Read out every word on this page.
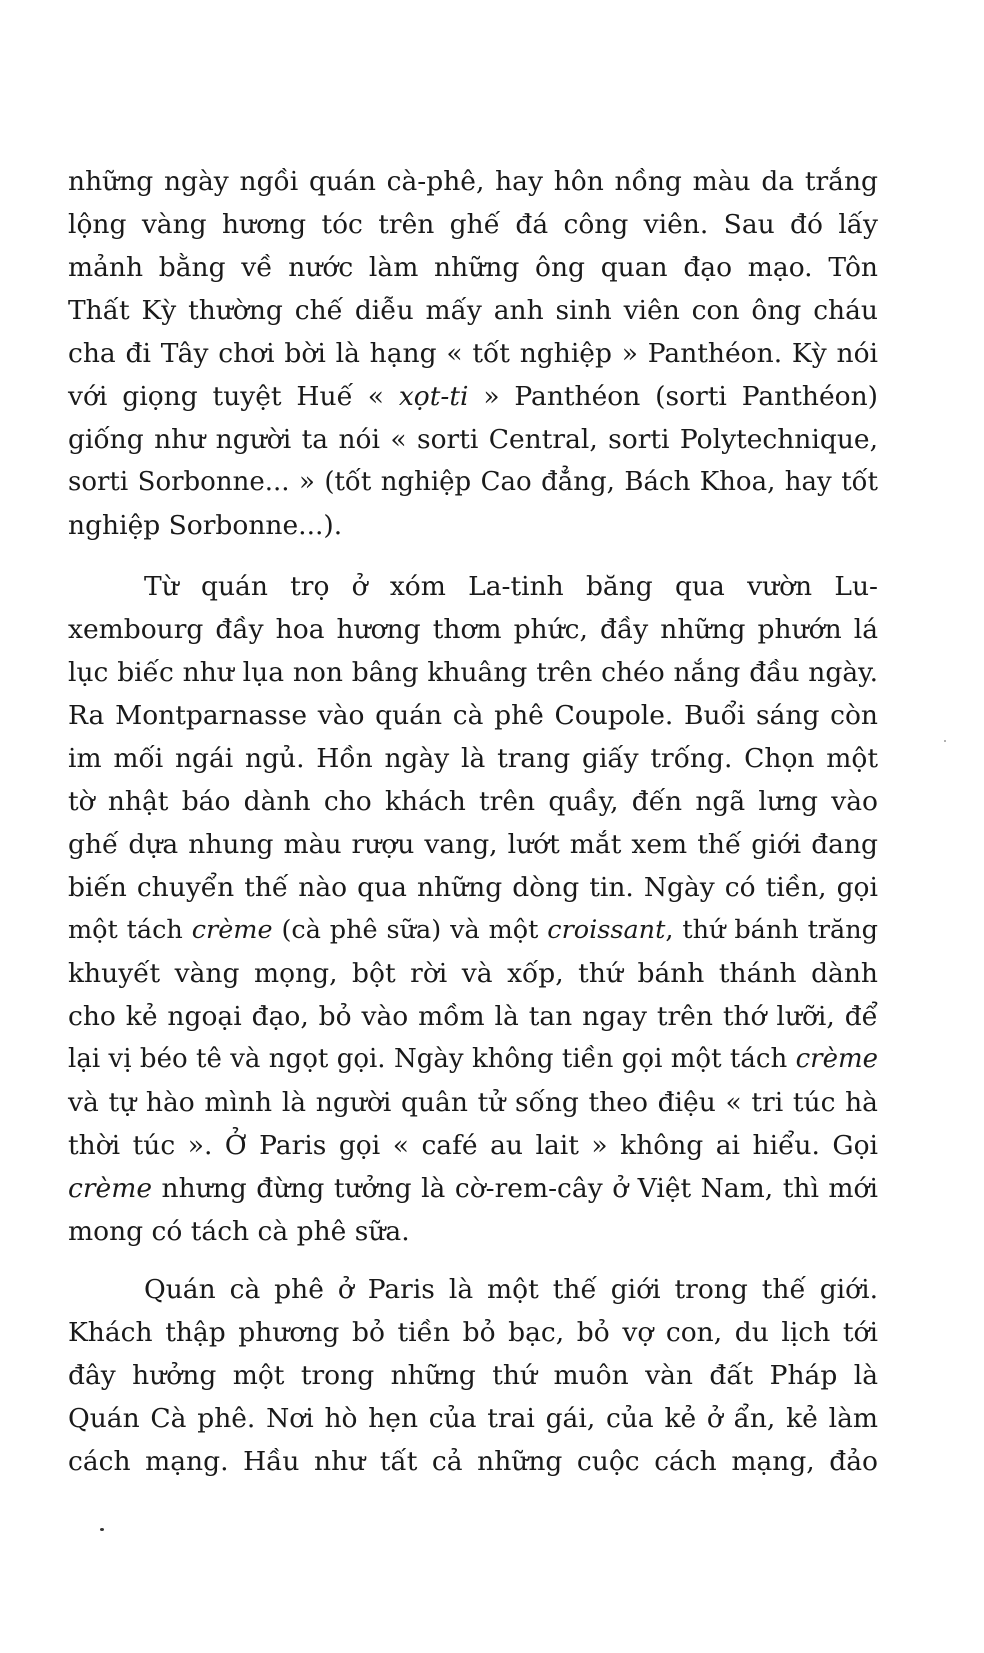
những ngày ngồi quán cà-phê, hay hôn nồng màu da trắng
lộng vàng hương tóc trên ghế đá công viên. Sau đó lấy
mảnh bằng về nước làm những ông quan đạo mạo. Tôn
Thất Kỳ thường chế diễu mấy anh sinh viên con ông cháu
cha đi Tây chơi bời là hạng « tốt nghiệp » Panthéon. Kỳ nói
với giọng tuyệt Huế « xọt-ti » Panthéon (sorti Panthéon)
giống như người ta nói « sorti Central, sorti Polytechnique,
sorti Sorbonne... » (tốt nghiệp Cao đẳng, Bách Khoa, hay tốt
nghiệp Sorbonne...).
Từ quán trọ ở xóm La-tinh băng qua vườn Lu-
xembourg đầy hoa hương thơm phức, đầy những phướn lá
lục biếc như lụa non bâng khuâng trên chéo nắng đầu ngày.
Ra Montparnasse vào quán cà phê Coupole. Buổi sáng còn
im mối ngái ngủ. Hồn ngày là trang giấy trống. Chọn một
tờ nhật báo dành cho khách trên quầy, đến ngã lưng vào
ghế dựa nhung màu rượu vang, lướt mắt xem thế giới đang
biến chuyển thế nào qua những dòng tin. Ngày có tiền, gọi
một tách crème (cà phê sữa) và một croissant, thứ bánh trăng
khuyết vàng mọng, bột rời và xốp, thứ bánh thánh dành
cho kẻ ngoại đạo, bỏ vào mồm là tan ngay trên thớ lưỡi, để
lại vị béo tê và ngọt gọi. Ngày không tiền gọi một tách crème
và tự hào mình là người quân tử sống theo điệu « tri túc hà
thời túc ». Ở Paris gọi « café au lait » không ai hiểu. Gọi
crème nhưng đừng tưởng là cờ-rem-cây ở Việt Nam, thì mới
mong có tách cà phê sữa.
Quán cà phê ở Paris là một thế giới trong thế giới.
Khách thập phương bỏ tiền bỏ bạc, bỏ vợ con, du lịch tới
đây hưởng một trong những thứ muôn vàn đất Pháp là
Quán Cà phê. Nơi hò hẹn của trai gái, của kẻ ở ẩn, kẻ làm
cách mạng. Hầu như tất cả những cuộc cách mạng, đảo
